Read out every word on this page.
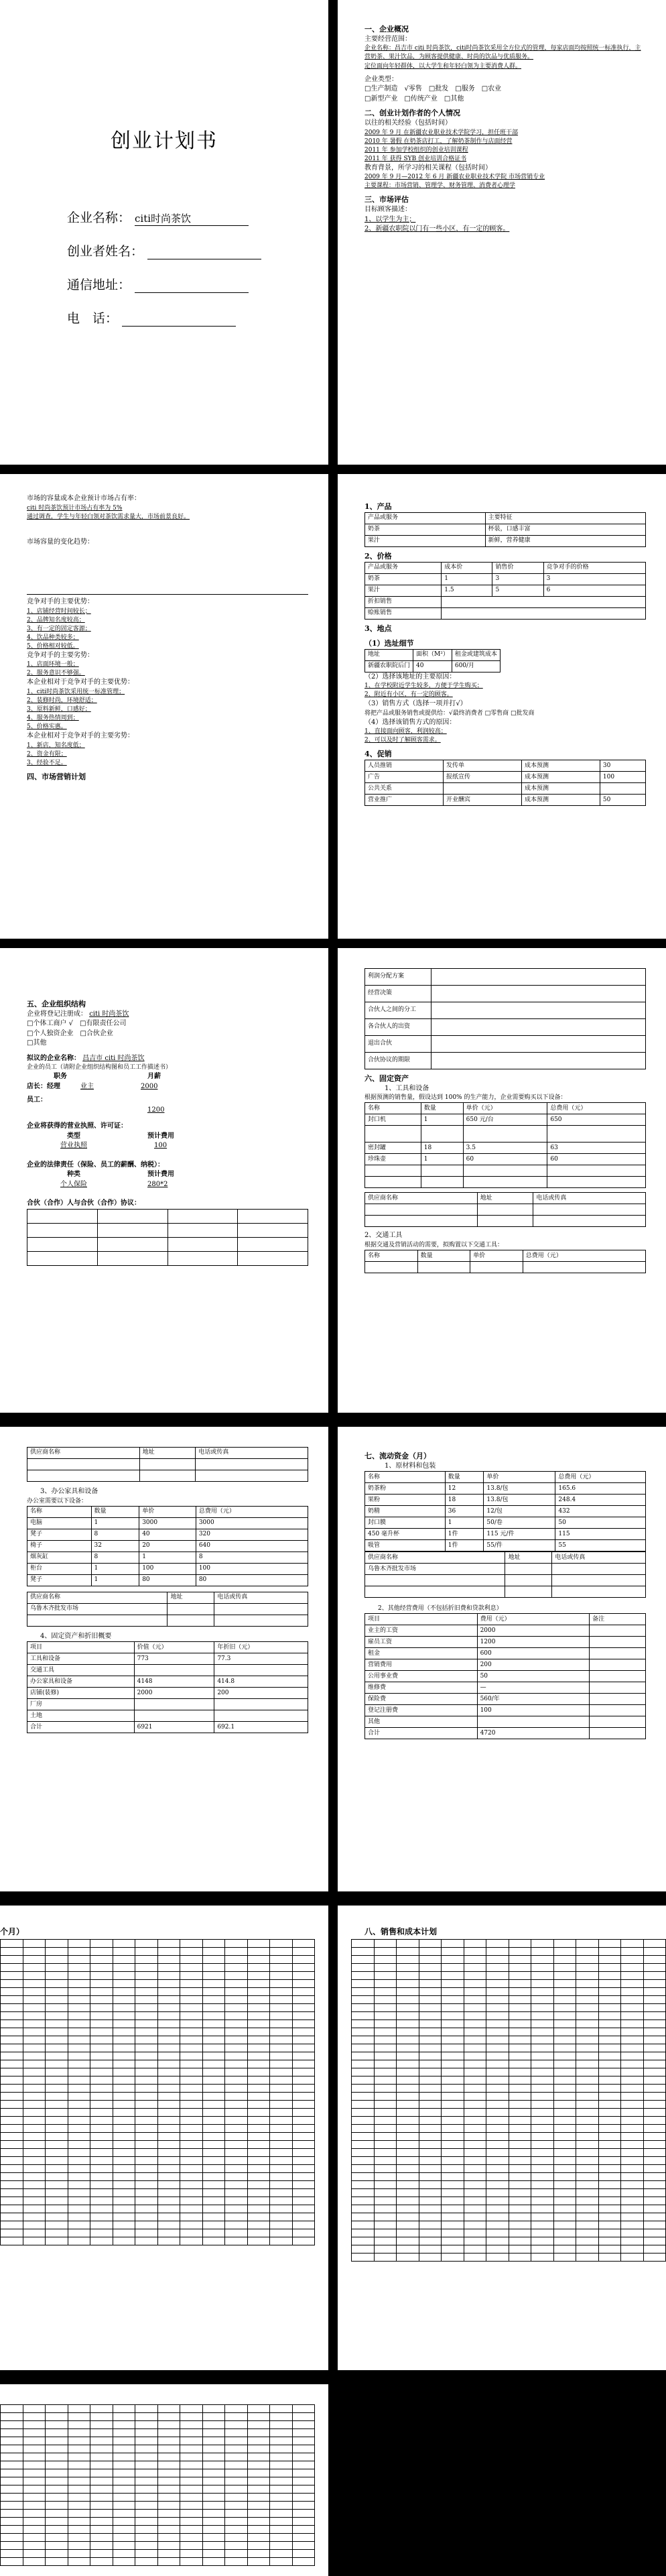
创业计划书
企业名称： citi时尚茶饮
创业者姓名：
通信地址：
电　话：

一、企业概况

主要经营范围：

企业名称：昌吉市 citi 时尚茶饮，citi时尚茶饮采用全方位式的管理，每家店面均按照统一标准执行，主营奶茶、果汁饮品，为顾客提供健康、时尚的饮品与优质服务。

定位面向年轻群体，以大学生和年轻白领为主要消费人群。

企业类型：

□生产制造　√零售　□批发　□服务　□农业

□新型产业　□传统产业　□其他

二、创业计划作者的个人情况

以往的相关经验（包括时间）

2009 年 9 月 在新疆农业职业技术学院学习，担任班干部

2010 年 暑假 在奶茶店打工，了解奶茶制作与店面经营

2011 年 参加学校组织的创业培训课程

2011 年 获得 SYB 创业培训合格证书

教育背景，所学习的相关课程（包括时间）

2009 年 9 月—2012 年 6 月 新疆农业职业技术学院 市场营销专业

主要课程：市场营销、管理学、财务管理、消费者心理学

三、市场评估

目标顾客描述：

1、以学生为主；

2、新疆农职院以门有一些小区，有一定的顾客。

市场的容量或本企业预计市场占有率：

citi 时尚茶饮预计市场占有率为 5%

通过调查，学生与年轻白领对茶饮需求量大，市场前景良好。

市场容量的变化趋势：

竞争对手的主要优势：

1、店铺经营时间较长；

2、品牌知名度较高；

3、有一定的固定客源；

4、饮品种类较多；

5、价格相对较低。

竞争对手的主要劣势：

1、店面环境一般；

2、服务意识不够强。

本企业相对于竞争对手的主要优势：

1、citi时尚茶饮采用统一标准管理；

2、装修时尚，环境舒适；

3、原料新鲜，口感好；

4、服务热情周到；

5、价格实惠。

本企业相对于竞争对手的主要劣势：

1、新店，知名度低；

2、资金有限；

3、经验不足。

四、市场营销计划

1、产品

产品或服务	主要特征
奶茶	杯装，口感丰富
果汁	新鲜，营养健康

2、价格

产品或服务	成本价	销售价	竞争对手的价格
奶茶	1	3	3
果汁	1.5	5	6
折扣销售			
赊账销售			

3、地点

（1）选址细节

地址	面积（M²）	租金或建筑成本
新疆农职院后门	40	600/月

（2）选择该地址的主要原因：

1、在学校附近学生较多，方便于学生购买；

2、附近有小区，有一定的顾客。

（3）销售方式（选择一项并打√）

将把产品或服务销售或提供给：√最终消费者 □零售商 □批发商

（4）选择该销售方式的原因：

1、直接面向顾客，利润较高；

2、可以及时了解顾客需求。

4、促销

人员推销	发传单	成本预测	30
广告	报纸宣传	成本预测	100
公共关系		成本预测	
营业推广	开业酬宾	成本预测	50

五、企业组织结构

企业将登记注册成： citi 时尚茶饮

□个体工商户 √　□有限责任公司

□个人独资企业　□合伙企业

□其他

拟议的企业名称： 昌吉市 citi 时尚茶饮

企业的员工（请附企业组织结构图和员工工作描述书）

职务	月薪

店长：经理	业主	2000

员工：

1200

企业将获得的营业执照、许可证：

类型	预计费用

营业执照	100

企业的法律责任（保险、员工的薪酬、纳税）：

种类	预计费用

个人保险	280*2

合伙（合作）人与合伙（合作）协议：

利润分配方案	
经营决策	
合伙人之间的分工	
各合伙人的出资	
退出合伙	
合伙协议的期限	

六、固定资产

1、工具和设备

根据预测的销售量，假设达到 100% 的生产能力，企业需要购买以下设备：

名称	数量	单价（元）	总费用（元）
封口机	1	650 元/台	650

密封罐	18	3.5	63
珍珠壶	1	60	60

供应商名称	地址	电话或传真

2、交通工具

根据交通及营销活动的需要，拟购置以下交通工具：

名称	数量	单价	总费用（元）

供应商名称	地址	电话或传真

3、办公家具和设备

办公室需要以下设备：

名称	数量	单价	总费用（元）
电脑	1	3000	3000
凳子	8	40	320
椅子	32	20	640
烟灰缸	8	1	8
柜台	1	100	100
凳子	1	80	80
供应商名称	地址	电话或传真
乌鲁木齐批发市场		

4、固定资产和折旧概要

项目	价值（元）	年折旧（元）
工具和设备	773	77.3
交通工具		
办公家具和设备	4148	414.8
店铺(装修)	2000	200
厂房		
土地		
合计	6921	692.1

七、流动资金（月）

1、原材料和包装

名称	数量	单价	总费用（元）
奶茶粉	12	13.8/包	165.6
果粉	18	13.8/包	248.4
奶精	36	12/包	432
封口膜	1	50/卷	50
450 毫升杯	1件	115 元/件	115
吸管	1件	55/件	55
供应商名称	地址	电话或传真
乌鲁木齐批发市场		

2、其他经营费用（不包括折旧费和贷款利息）

项目	费用（元）	备注
业主的工资	2000	
雇员工资	1200	
租金	600	
营销费用	200	
公用事业费	50	
维修费	—	
保险费	560/年	
登记注册费	100	
其他		
合计	4720	
个月）

														八、销售和成本计划
